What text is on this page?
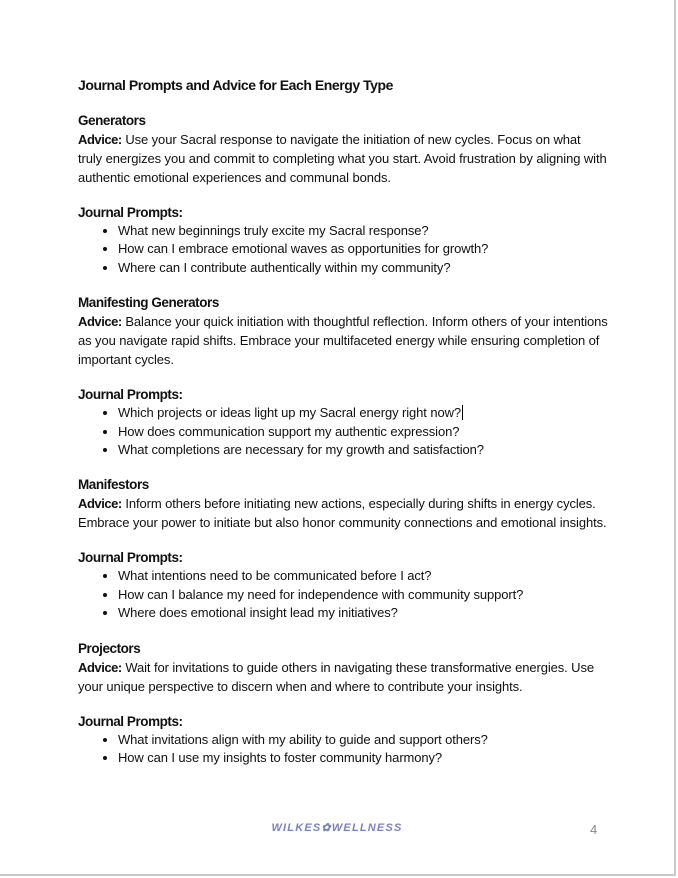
Journal Prompts and Advice for Each Energy Type
Generators

Advice: Use your Sacral response to navigate the initiation of new cycles. Focus on what truly energizes you and commit to completing what you start. Avoid frustration by aligning with authentic emotional experiences and communal bonds.

Journal Prompts:
• What new beginnings truly excite my Sacral response?
• How can I embrace emotional waves as opportunities for growth?
• Where can I contribute authentically within my community?
Manifesting Generators

Advice: Balance your quick initiation with thoughtful reflection. Inform others of your intentions as you navigate rapid shifts. Embrace your multifaceted energy while ensuring completion of important cycles.

Journal Prompts:
• Which projects or ideas light up my Sacral energy right now?
• How does communication support my authentic expression?
• What completions are necessary for my growth and satisfaction?
Manifestors

Advice: Inform others before initiating new actions, especially during shifts in energy cycles. Embrace your power to initiate but also honor community connections and emotional insights.

Journal Prompts:
• What intentions need to be communicated before I act?
• How can I balance my need for independence with community support?
• Where does emotional insight lead my initiatives?
Projectors

Advice: Wait for invitations to guide others in navigating these transformative energies. Use your unique perspective to discern when and where to contribute your insights.

Journal Prompts:
• What invitations align with my ability to guide and support others?
• How can I use my insights to foster community harmony?
WILKES✿WELLNESS	4
